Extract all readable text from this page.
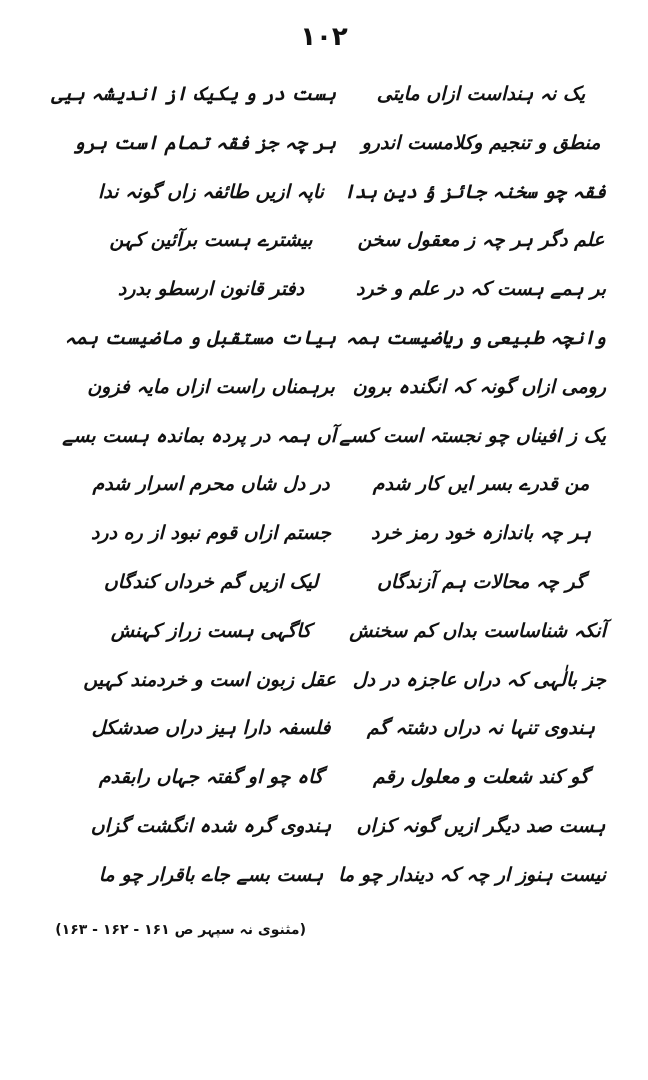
۱۰۲
یک نہ ہنداست ازاں مایتی
ہست در و یکیک از اندیشہ ہیی
منطق و تنجیم وکلامست اندرو
ہر چہ جز فقہ تمام است ہرو
فقہ چو سخنہ جائز ؤ دین ہدا
ناپہ ازیں طائفہ زاں گونہ ندا
علم دگر ہر چہ ز معقول سخن
بیشترے ہست برآئین کہن
بر ہمے ہست کہ در علم و خرد
دفتر قانون ارسطو بدرد
وانچہ طبیعی و ریاضیست ہمہ
ہیات مستقبل و ماضیست ہمہ
رومی ازاں گونہ کہ انگندہ برون
برہمناں راست ازاں مایہ فزون
یک ز افیناں چو نجستہ است کسے
آں ہمہ در پردہ بماندہ ہست بسے
من قدرے بسر ایں کار شدم
در دل شاں محرم اسرار شدم
ہر چہ باندازہ خود رمز خرد
جستم ازاں قوم نبود از ره درد
گر چہ محالات ہم آزندگاں
لیک ازیں گم خرداں کندگاں
آنکہ شناساست بداں کم سخنش
کاگہی ہست زراز کہنش
جز بالٰہی کہ دراں عاجزہ در دل
عقل زبون است و خردمند کہیں
ہندوی تنہا نہ دراں دشتہ گم
فلسفہ دارا ہیز دراں صدشکل
گو کند شعلت و معلول رقم
گاہ چو او گفتہ جہاں رابقدم
ہست صد دیگر ازیں گونہ کزاں
ہندوی گرہ شدہ انگشت گزاں
نیست ہنوز ار چہ کہ دیندار چو ما
ہست بسے جاے باقرار چو ما
(مثنوی نہ سپہر ص ۱۶۱ - ۱۶۲ - ۱۶۳)
